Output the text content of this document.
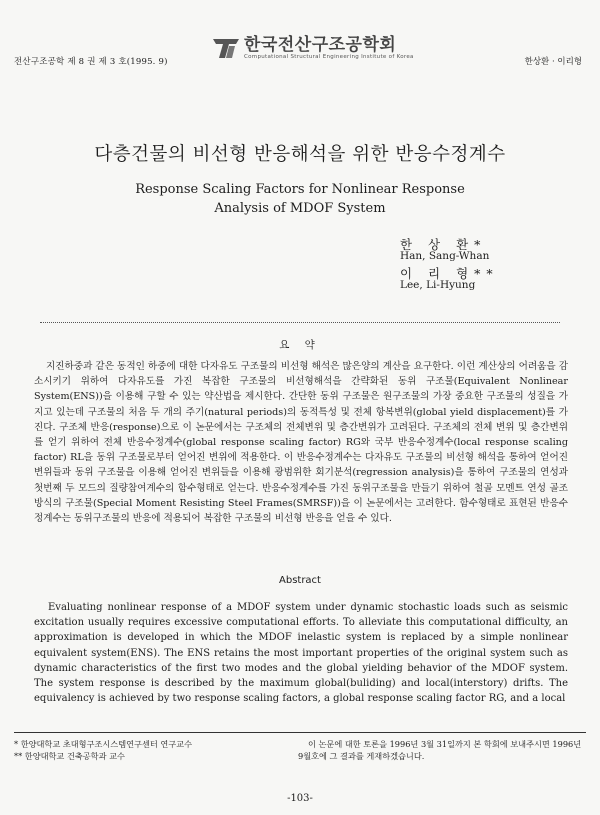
전산구조공학 제 8 권 제 3 호(1995. 9)
한국전산구조공학회
Computational Structural Engineering Institute of Korea	한상환 · 이리형
다층건물의 비선형 반응해석을 위한 반응수정계수
Response Scaling Factors for Nonlinear Response
Analysis of MDOF System
한 상 환*
Han, Sang-Whan
이 리 형**
Lee, Li-Hyung
요 약

지진하중과 같은 동적인 하중에 대한 다자유도 구조물의 비선형 해석은 많은양의 계산을 요구한다. 이런 계산상의 어려움을 감소시키기 위하여 다자유도를 가진 복잡한 구조물의 비선형해석을 간략화된 동위 구조물(Equivalent Nonlinear System(ENS))을 이용해 구할 수 있는 약산법을 제시한다. 간단한 동위 구조물은 원구조물의 가장 중요한 구조물의 성질을 가지고 있는데 구조물의 처음 두 개의 주기(natural periods)의 동적특성 및 전체 항복변위(global yield displacement)를 가진다. 구조체 반응(response)으로 이 논문에서는 구조체의 전체변위 및 층간변위가 고려된다. 구조체의 전체 변위 및 층간변위를 얻기 위하여 전체 반응수정계수(global response scaling factor) RG와 국부 반응수정계수(local response scaling factor) RL을 동위 구조물로부터 얻어진 변위에 적용한다. 이 반응수정계수는 다자유도 구조물의 비선형 해석을 통하여 얻어진 변위들과 동위 구조물을 이용해 얻어진 변위들을 이용해 광범위한 회기분석(regression analysis)을 통하여 구조물의 연성과 첫번째 두 모드의 질량참여계수의 함수형태로 얻는다. 반응수정계수를 가진 동위구조물을 만들기 위하여 철골 모멘트 연성 골조 방식의 구조물(Special Moment Resisting Steel Frames(SMRSF))을 이 논문에서는 고려한다. 함수형태로 표현된 반응수정계수는 동위구조물의 반응에 적용되어 복잡한 구조물의 비선형 반응을 얻을 수 있다.

Abstract

Evaluating nonlinear response of a MDOF system under dynamic stochastic loads such as seismic excitation usually requires excessive computational efforts. To alleviate this computational difficulty, an approximation is developed in which the MDOF inelastic system is replaced by a simple nonlinear equivalent system(ENS). The ENS retains the most important properties of the original system such as dynamic characteristics of the first two modes and the global yielding behavior of the MDOF system. The system response is described by the maximum global(buliding) and local(interstory) drifts. The equivalency is achieved by two response scaling factors, a global response scaling factor RG, and a local

* 한양대학교 초대형구조시스템연구센터 연구교수
** 한양대학교 건축공학과 교수
이 논문에 대한 토론을 1996년 3월 31일까지 본 학회에 보내주시면 1996년 9월호에 그 결과를 게재하겠습니다.
-103-
